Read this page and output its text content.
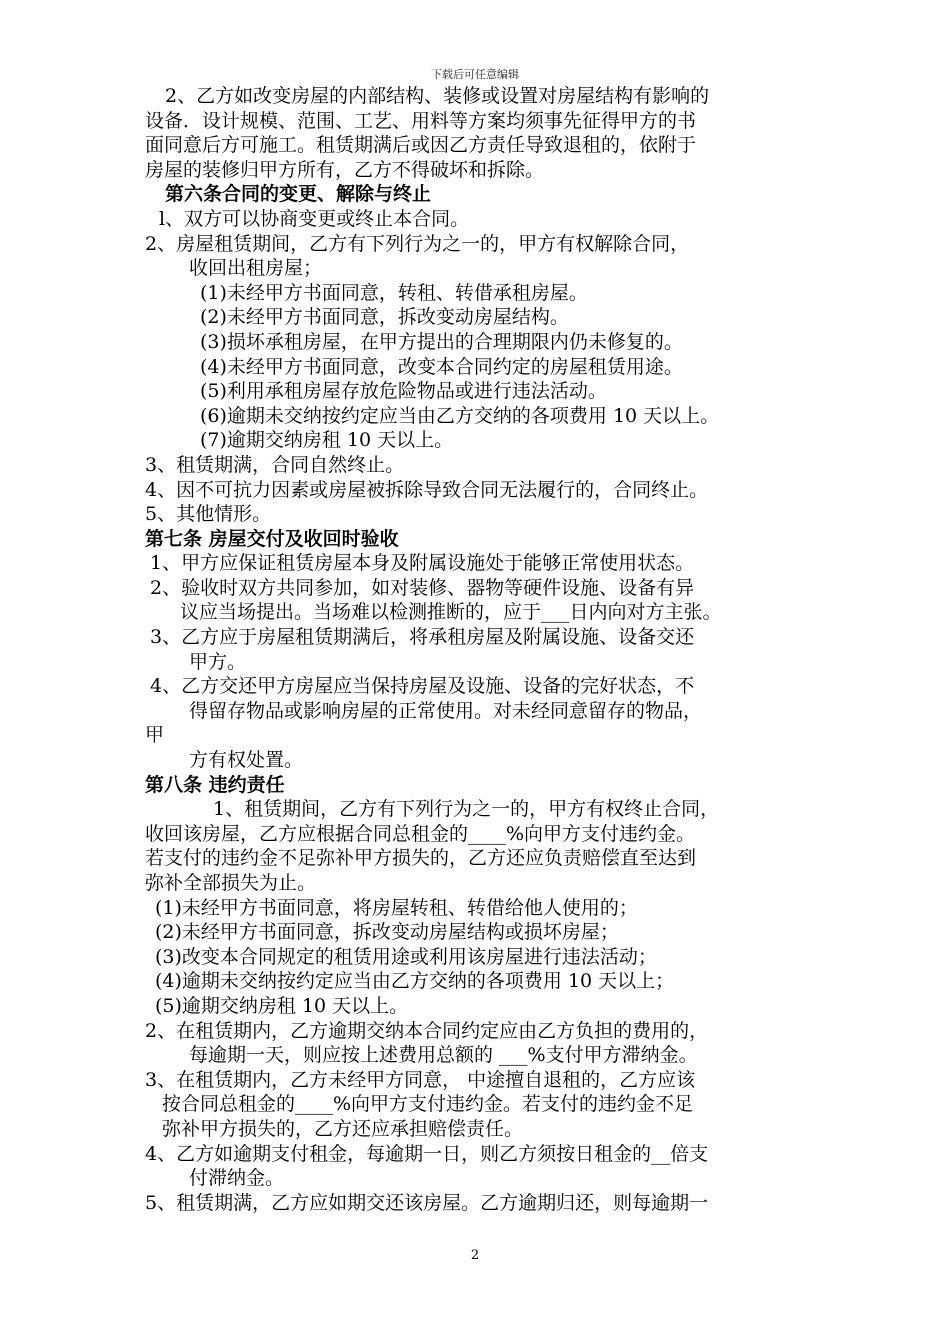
下载后可任意编辑
2、乙方如改变房屋的内部结构、装修或设置对房屋结构有影响的
设备．设计规模、范围、工艺、用料等方案均须事先征得甲方的书
面同意后方可施工。租赁期满后或因乙方责任导致退租的，依附于
房屋的装修归甲方所有，乙方不得破坏和拆除。
第六条合同的变更、解除与终止
l、双方可以协商变更或终止本合同。
2、房屋租赁期间，乙方有下列行为之一的，甲方有权解除合同，
收回出租房屋；
(1)未经甲方书面同意，转租、转借承租房屋。
(2)未经甲方书面同意，拆改变动房屋结构。
(3)损坏承租房屋，在甲方提出的合理期限内仍未修复的。
(4)未经甲方书面同意，改变本合同约定的房屋租赁用途。
(5)利用承租房屋存放危险物品或进行违法活动。
(6)逾期未交纳按约定应当由乙方交纳的各项费用 10 天以上。
(7)逾期交纳房租 10 天以上。
3、租赁期满，合同自然终止。
4、因不可抗力因素或房屋被拆除导致合同无法履行的，合同终止。
5、其他情形。
第七条 房屋交付及收回时验收
1、甲方应保证租赁房屋本身及附属设施处于能够正常使用状态。
2、验收时双方共同参加，如对装修、器物等硬件设施、设备有异
议应当场提出。当场难以检测推断的，应于___日内向对方主张。
3、乙方应于房屋租赁期满后，将承租房屋及附属设施、设备交还
甲方。
4、乙方交还甲方房屋应当保持房屋及设施、设备的完好状态，不
得留存物品或影响房屋的正常使用。对未经同意留存的物品，
甲
方有权处置。
第八条 违约责任
1、租赁期间，乙方有下列行为之一的，甲方有权终止合同，
收回该房屋，乙方应根据合同总租金的____%向甲方支付违约金。
若支付的违约金不足弥补甲方损失的，乙方还应负责赔偿直至达到
弥补全部损失为止。
(1)未经甲方书面同意，将房屋转租、转借给他人使用的；
(2)未经甲方书面同意，拆改变动房屋结构或损坏房屋；
(3)改变本合同规定的租赁用途或利用该房屋进行违法活动；
(4)逾期未交纳按约定应当由乙方交纳的各项费用 10 天以上；
(5)逾期交纳房租 10 天以上。
2、在租赁期内，乙方逾期交纳本合同约定应由乙方负担的费用的，
每逾期一天，则应按上述费用总额的 ___%支付甲方滞纳金。
3、在租赁期内，乙方未经甲方同意， 中途擅自退租的，乙方应该
按合同总租金的____%向甲方支付违约金。若支付的违约金不足
弥补甲方损失的，乙方还应承担赔偿责任。
4、乙方如逾期支付租金，每逾期一日，则乙方须按日租金的__倍支
付滞纳金。
5、租赁期满，乙方应如期交还该房屋。乙方逾期归还，则每逾期一
2
